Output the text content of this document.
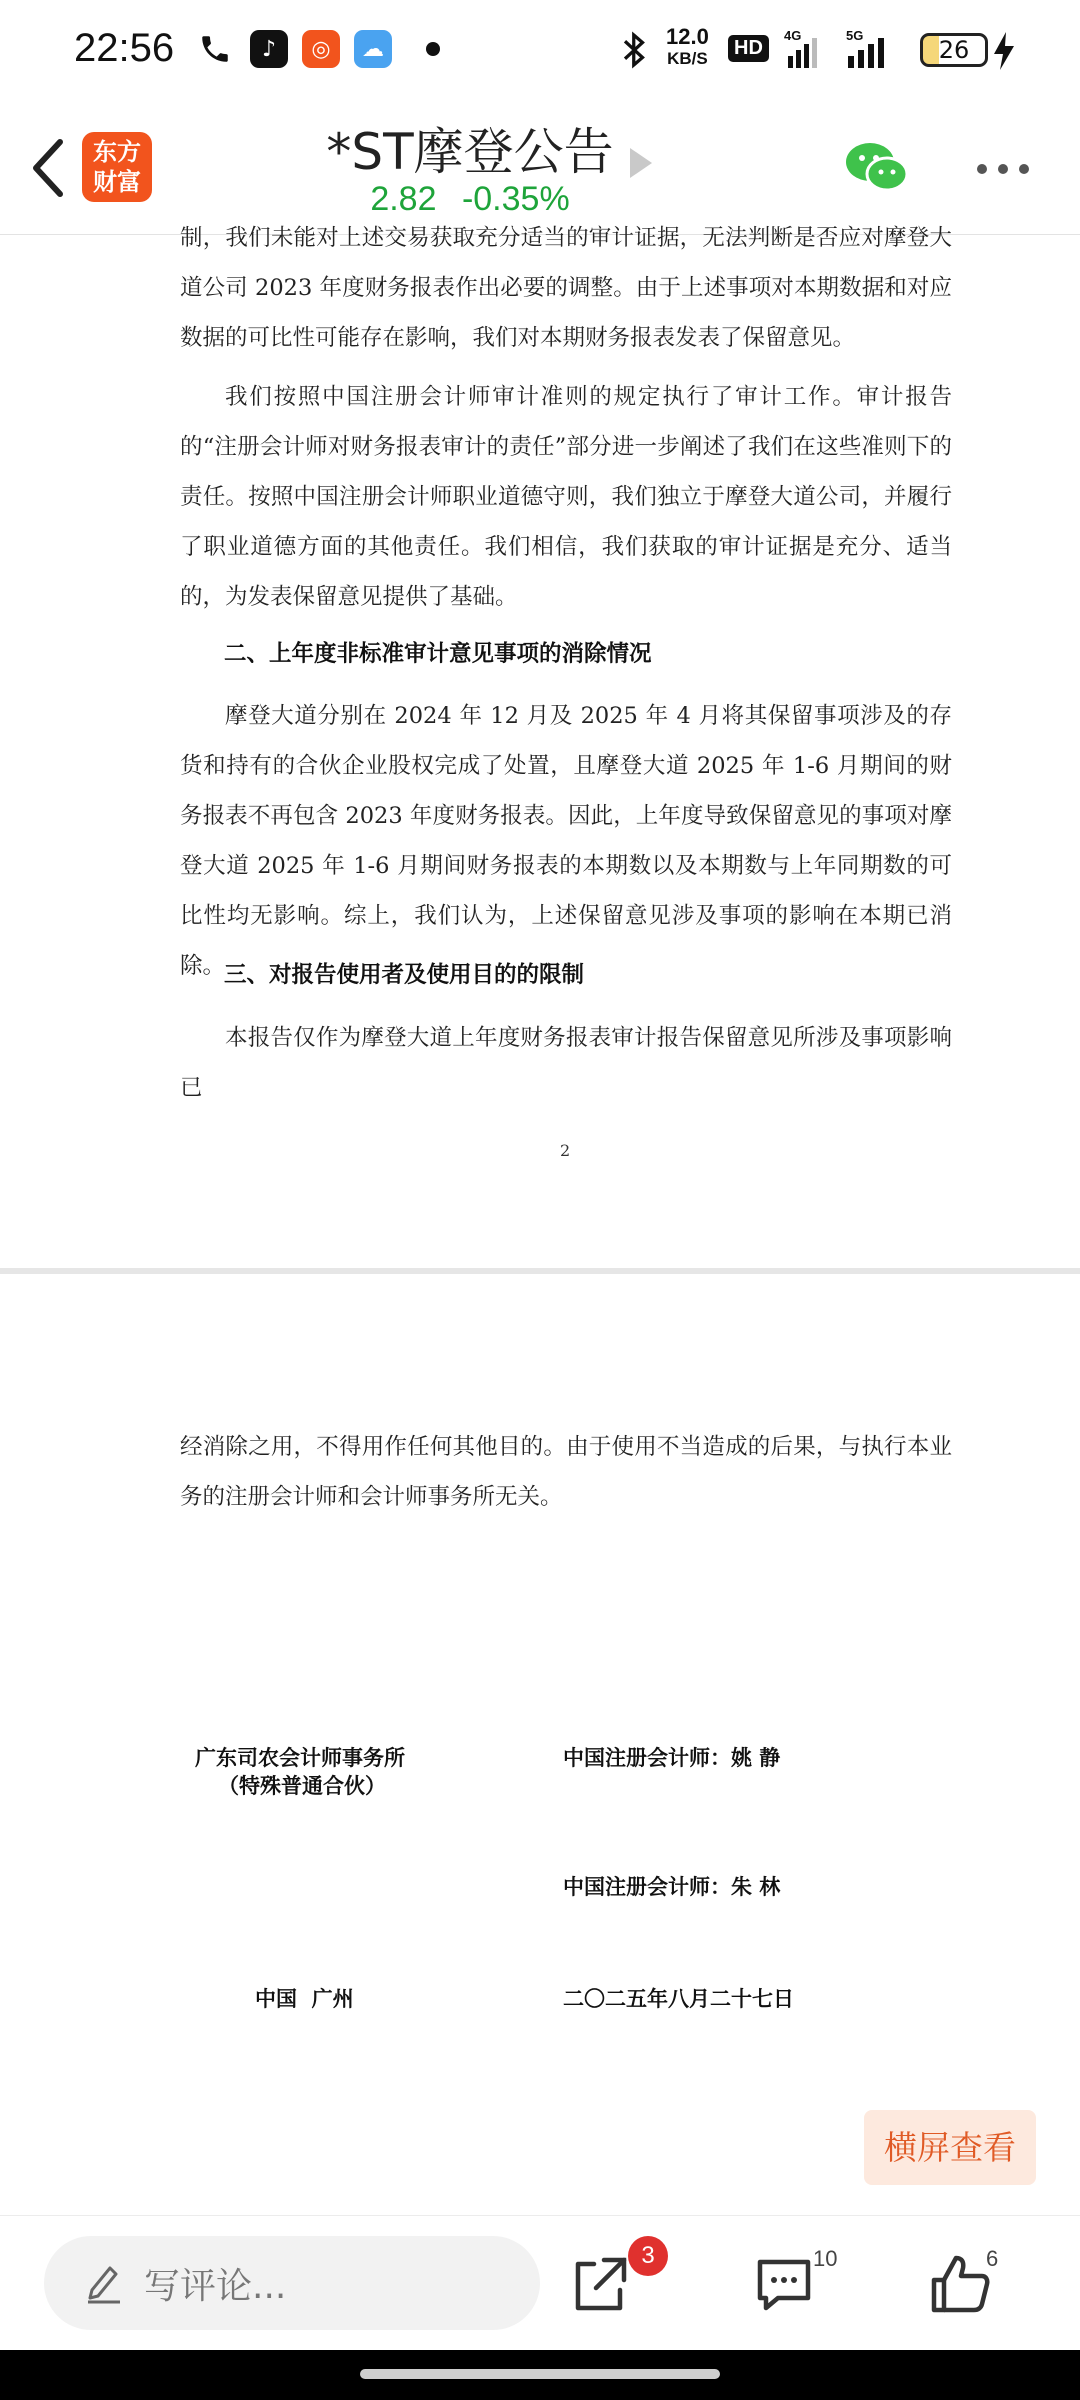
22:56	♪	◎	☁	12.0
KB/S	HD
4G	5G
26
东方
财富
*ST摩登公告
2.82 -0.35%
制，我们未能对上述交易获取充分适当的审计证据，无法判断是否应对摩登大道公司 2023 年度财务报表作出必要的调整。由于上述事项对本期数据和对应数据的可比性可能存在影响，我们对本期财务报表发表了保留意见。
我们按照中国注册会计师审计准则的规定执行了审计工作。审计报告的“注册会计师对财务报表审计的责任”部分进一步阐述了我们在这些准则下的责任。按照中国注册会计师职业道德守则，我们独立于摩登大道公司，并履行了职业道德方面的其他责任。我们相信，我们获取的审计证据是充分、适当的，为发表保留意见提供了基础。
二、上年度非标准审计意见事项的消除情况
摩登大道分别在 2024 年 12 月及 2025 年 4 月将其保留事项涉及的存货和持有的合伙企业股权完成了处置，且摩登大道 2025 年 1-6 月期间的财务报表不再包含 2023 年度财务报表。因此，上年度导致保留意见的事项对摩登大道 2025 年 1-6 月期间财务报表的本期数以及本期数与上年同期数的可比性均无影响。综上，我们认为，上述保留意见涉及事项的影响在本期已消除。
三、对报告使用者及使用目的的限制
本报告仅作为摩登大道上年度财务报表审计报告保留意见所涉及事项影响已
2
经消除之用，不得用作任何其他目的。由于使用不当造成的后果，与执行本业务的注册会计师和会计师事务所无关。
广东司农会计师事务所
（特殊普通合伙）
中国注册会计师：姚 静
中国注册会计师：朱 林
中国  广州	二〇二五年八月二十七日
横屏查看
写评论...
3	10	6
